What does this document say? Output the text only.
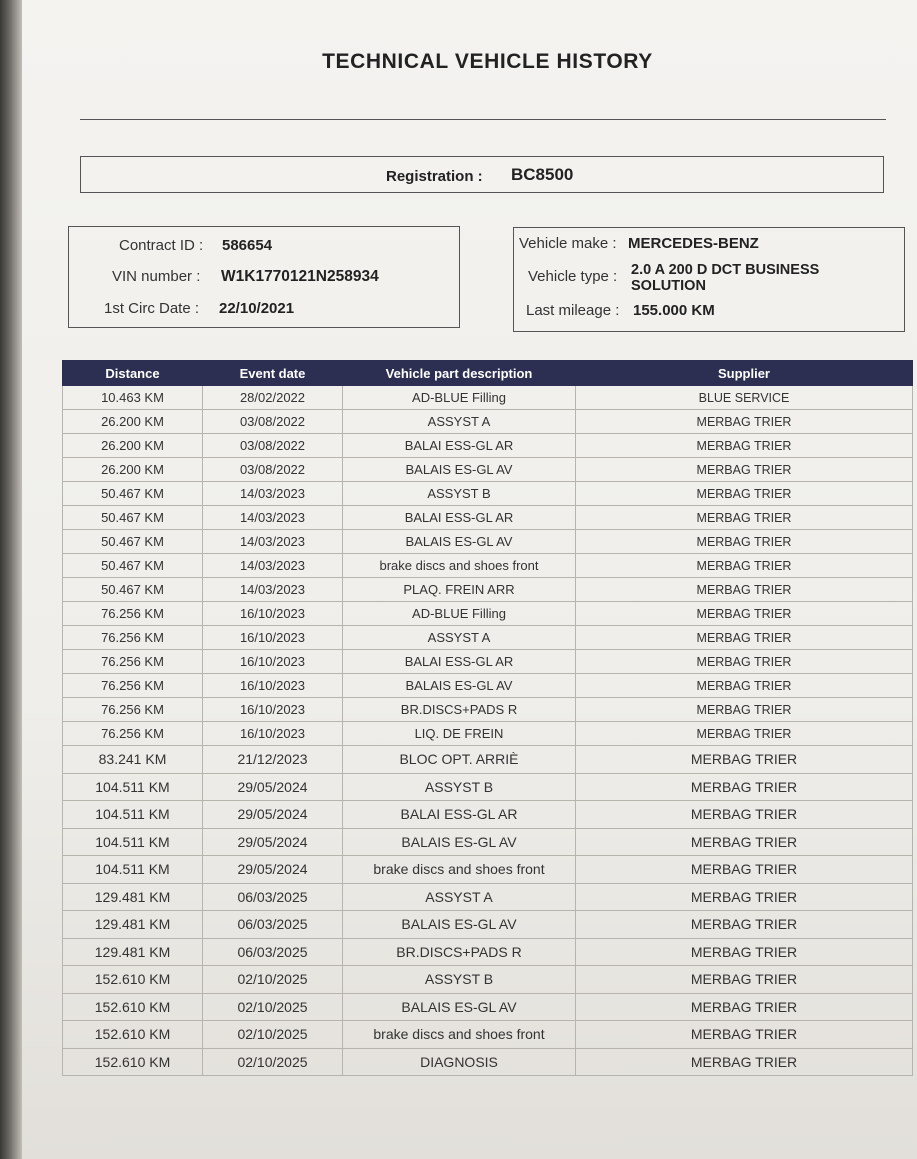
TECHNICAL VEHICLE HISTORY
Registration : BC8500
Contract ID : 586654
VIN number : W1K1770121N258934
1st Circ Date : 22/10/2021
Vehicle make : MERCEDES-BENZ
Vehicle type : 2.0 A 200 D DCT BUSINESS
SOLUTION
Last mileage : 155.000 KM
Distance	Event date	Vehicle part description	Supplier
10.463 KM	28/02/2022	AD-BLUE Filling	BLUE SERVICE
26.200 KM	03/08/2022	ASSYST A	MERBAG TRIER
26.200 KM	03/08/2022	BALAI ESS-GL AR	MERBAG TRIER
26.200 KM	03/08/2022	BALAIS ES-GL AV	MERBAG TRIER
50.467 KM	14/03/2023	ASSYST B	MERBAG TRIER
50.467 KM	14/03/2023	BALAI ESS-GL AR	MERBAG TRIER
50.467 KM	14/03/2023	BALAIS ES-GL AV	MERBAG TRIER
50.467 KM	14/03/2023	brake discs and shoes front	MERBAG TRIER
50.467 KM	14/03/2023	PLAQ. FREIN ARR	MERBAG TRIER
76.256 KM	16/10/2023	AD-BLUE Filling	MERBAG TRIER
76.256 KM	16/10/2023	ASSYST A	MERBAG TRIER
76.256 KM	16/10/2023	BALAI ESS-GL AR	MERBAG TRIER
76.256 KM	16/10/2023	BALAIS ES-GL AV	MERBAG TRIER
76.256 KM	16/10/2023	BR.DISCS+PADS R	MERBAG TRIER
76.256 KM	16/10/2023	LIQ. DE FREIN	MERBAG TRIER
83.241 KM	21/12/2023	BLOC OPT. ARRIÈ	MERBAG TRIER
104.511 KM	29/05/2024	ASSYST B	MERBAG TRIER
104.511 KM	29/05/2024	BALAI ESS-GL AR	MERBAG TRIER
104.511 KM	29/05/2024	BALAIS ES-GL AV	MERBAG TRIER
104.511 KM	29/05/2024	brake discs and shoes front	MERBAG TRIER
129.481 KM	06/03/2025	ASSYST A	MERBAG TRIER
129.481 KM	06/03/2025	BALAIS ES-GL AV	MERBAG TRIER
129.481 KM	06/03/2025	BR.DISCS+PADS R	MERBAG TRIER
152.610 KM	02/10/2025	ASSYST B	MERBAG TRIER
152.610 KM	02/10/2025	BALAIS ES-GL AV	MERBAG TRIER
152.610 KM	02/10/2025	brake discs and shoes front	MERBAG TRIER
152.610 KM	02/10/2025	DIAGNOSIS	MERBAG TRIER
